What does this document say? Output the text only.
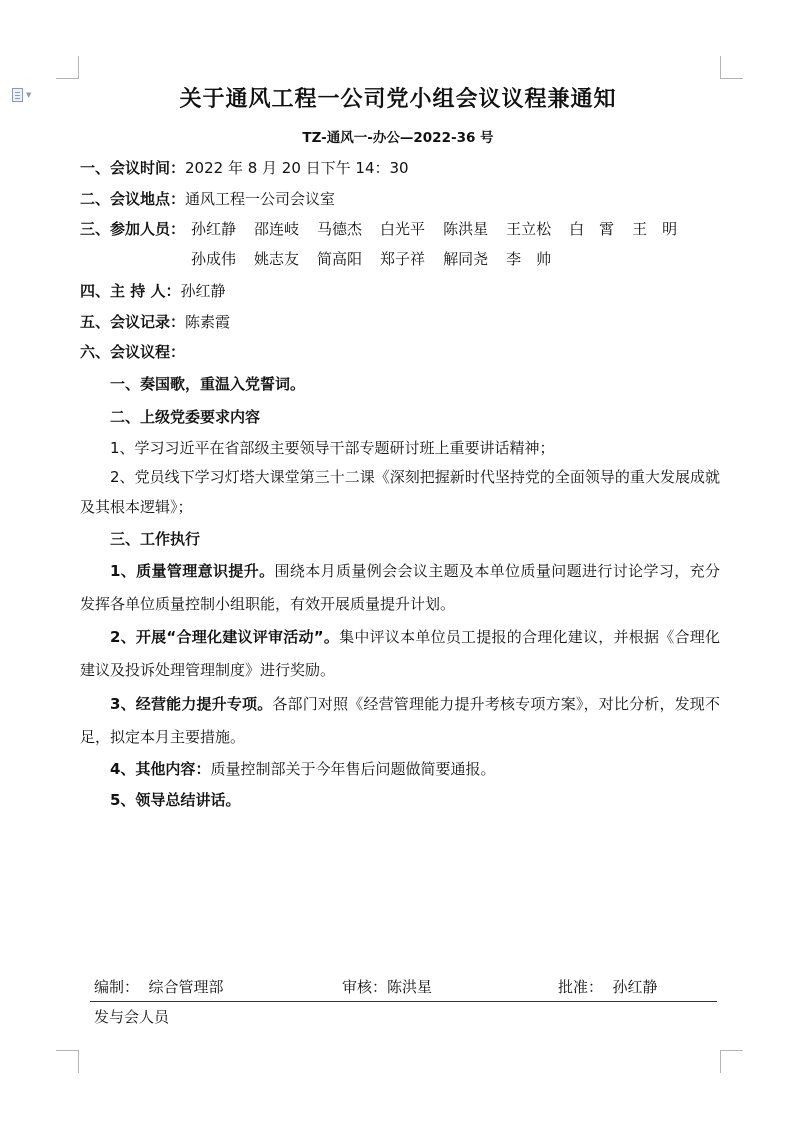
▼	关于通风工程一公司党小组会议议程兼通知
TZ-通风一-办公—2022-36 号
一、会议时间：2022 年 8 月 20 日下午 14：30
二、会议地点：通风工程一公司会议室
三、参加人员： 孙红静 邵连岐 马德杰 白光平 陈洪星 王立松 白　霄 王　明
孙成伟 姚志友 简高阳 郑子祥 解同尧 李　帅
四、主 持 人：孙红静
五、会议记录：陈素霞
六、会议议程：
一、奏国歌，重温入党誓词。
二、上级党委要求内容
1、学习习近平在省部级主要领导干部专题研讨班上重要讲话精神；
2、党员线下学习灯塔大课堂第三十二课《深刻把握新时代坚持党的全面领导的重大发展成就及其根本逻辑》；
三、工作执行
1、质量管理意识提升。围绕本月质量例会会议主题及本单位质量问题进行讨论学习，充分发挥各单位质量控制小组职能，有效开展质量提升计划。
2、开展“合理化建议评审活动”。集中评议本单位员工提报的合理化建议，并根据《合理化建议及投诉处理管理制度》进行奖励。
3、经营能力提升专项。各部门对照《经营管理能力提升考核专项方案》，对比分析，发现不足，拟定本月主要措施。
4、其他内容：质量控制部关于今年售后问题做简要通报。
5、领导总结讲话。
编制：  综合管理部	审核：陈洪星	批准：  孙红静
发与会人员
